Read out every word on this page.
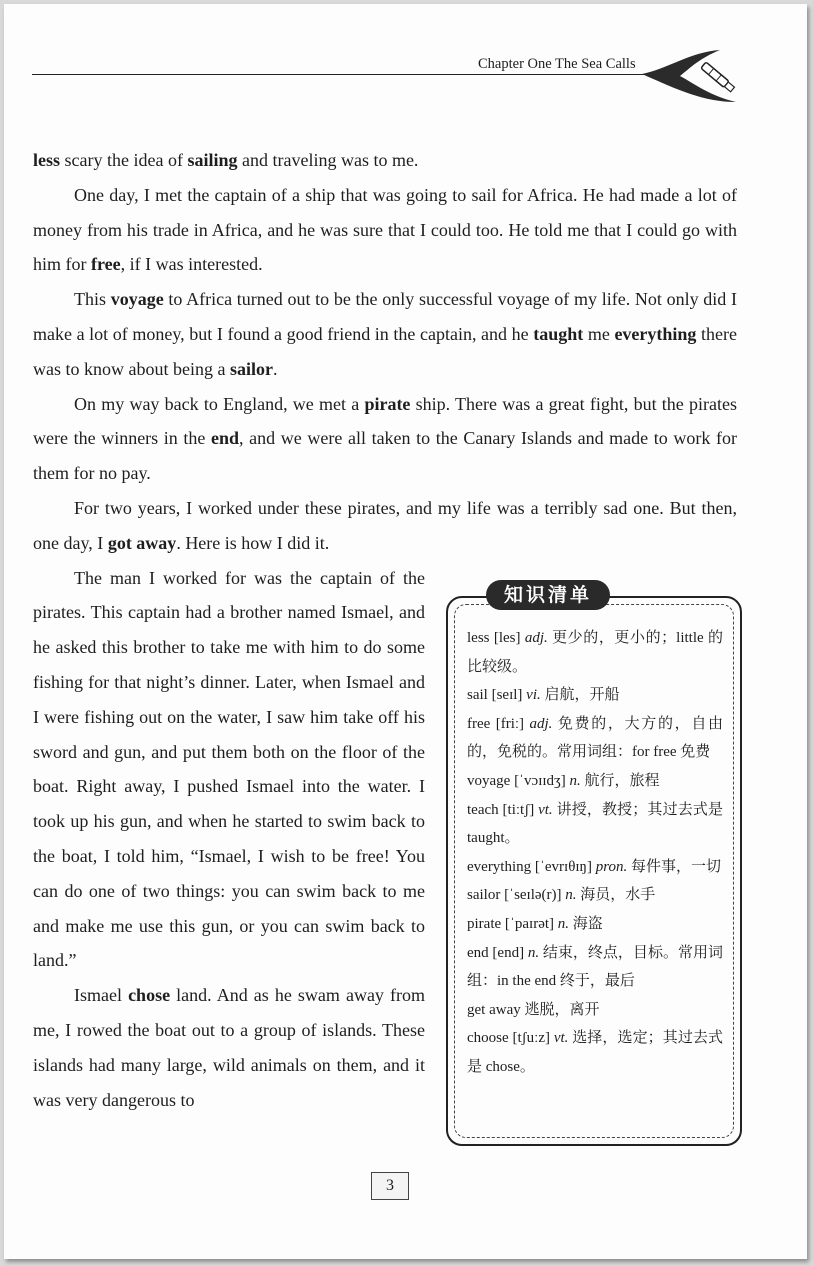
Chapter One The Sea Calls

less scary the idea of sailing and traveling was to me.

One day, I met the captain of a ship that was going to sail for Africa. He had made a lot of money from his trade in Africa, and he was sure that I could too. He told me that I could go with him for free, if I was interested.

This voyage to Africa turned out to be the only successful voyage of my life. Not only did I make a lot of money, but I found a good friend in the captain, and he taught me everything there was to know about being a sailor.

On my way back to England, we met a pirate ship. There was a great fight, but the pirates were the winners in the end, and we were all taken to the Canary Islands and made to work for them for no pay.

For two years, I worked under these pirates, and my life was a terribly sad one. But then, one day, I got away. Here is how I did it.

The man I worked for was the captain of the pirates. This captain had a brother named Ismael, and he asked this brother to take me with him to do some fishing for that night’s dinner. Later, when Ismael and I were fishing out on the water, I saw him take off his sword and gun, and put them both on the floor of the boat. Right away, I pushed Ismael into the water. I took up his gun, and when he started to swim back to the boat, I told him, “Ismael, I wish to be free! You can do one of two things: you can swim back to me and make me use this gun, or you can swim back to land.”

Ismael chose land. And as he swam away from me, I rowed the boat out to a group of islands. These islands had many large, wild animals on them, and it was very dangerous to

知识清单
less [les] adj. 更少的，更小的；little 的比较级。
sail [seɪl] vi. 启航，开船
free [friː] adj. 免费的，大方的，自由的，免税的。常用词组：for free 免费
voyage [ˈvɔɪɪdʒ] n. 航行，旅程
teach [tiːtʃ] vt. 讲授，教授；其过去式是 taught。
everything [ˈevrɪθɪŋ] pron. 每件事，一切
sailor [ˈseɪlə(r)] n. 海员，水手
pirate [ˈpaɪrət] n. 海盗
end [end] n. 结束，终点，目标。常用词组：in the end 终于，最后
get away 逃脱，离开
choose [tʃuːz] vt. 选择，选定；其过去式是 chose。
3
